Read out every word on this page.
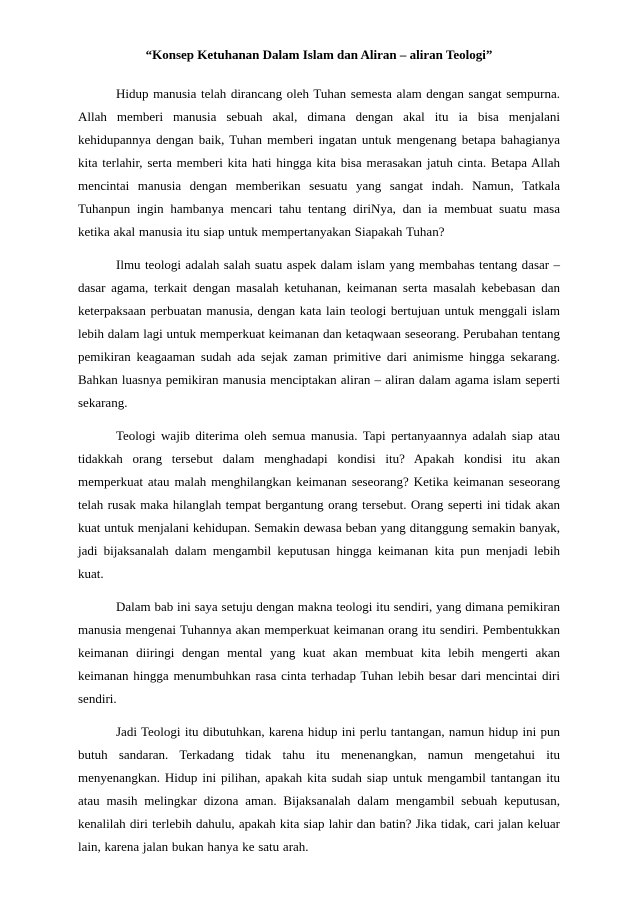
“Konsep Ketuhanan Dalam Islam dan Aliran – aliran Teologi”

Hidup manusia telah dirancang oleh Tuhan semesta alam dengan sangat sempurna. Allah memberi manusia sebuah akal, dimana dengan akal itu ia bisa menjalani kehidupannya dengan baik, Tuhan memberi ingatan untuk mengenang betapa bahagianya kita terlahir, serta memberi kita hati hingga kita bisa merasakan jatuh cinta. Betapa Allah mencintai manusia dengan memberikan sesuatu yang sangat indah. Namun, Tatkala Tuhanpun ingin hambanya mencari tahu tentang diriNya, dan ia membuat suatu masa ketika akal manusia itu siap untuk mempertanyakan Siapakah Tuhan?

Ilmu teologi adalah salah suatu aspek dalam islam yang membahas tentang dasar – dasar agama, terkait dengan masalah ketuhanan, keimanan serta masalah kebebasan dan keterpaksaan perbuatan manusia, dengan kata lain teologi bertujuan untuk menggali islam lebih dalam lagi untuk memperkuat keimanan dan ketaqwaan seseorang. Perubahan tentang pemikiran keagaaman sudah ada sejak zaman primitive dari animisme hingga sekarang. Bahkan luasnya pemikiran manusia menciptakan aliran – aliran dalam agama islam seperti sekarang.

Teologi wajib diterima oleh semua manusia. Tapi pertanyaannya adalah siap atau tidakkah orang tersebut dalam menghadapi kondisi itu? Apakah kondisi itu akan memperkuat atau malah menghilangkan keimanan seseorang? Ketika keimanan seseorang telah rusak maka hilanglah tempat bergantung orang tersebut. Orang seperti ini tidak akan kuat untuk menjalani kehidupan. Semakin dewasa beban yang ditanggung semakin banyak, jadi bijaksanalah dalam mengambil keputusan hingga keimanan kita pun menjadi lebih kuat.

Dalam bab ini saya setuju dengan makna teologi itu sendiri, yang dimana pemikiran manusia mengenai Tuhannya akan memperkuat keimanan orang itu sendiri. Pembentukkan keimanan diiringi dengan mental yang kuat akan membuat kita lebih mengerti akan keimanan hingga menumbuhkan rasa cinta terhadap Tuhan lebih besar dari mencintai diri sendiri.

Jadi Teologi itu dibutuhkan, karena hidup ini perlu tantangan, namun hidup ini pun butuh sandaran. Terkadang tidak tahu itu menenangkan, namun mengetahui itu menyenangkan. Hidup ini pilihan, apakah kita sudah siap untuk mengambil tantangan itu atau masih melingkar dizona aman. Bijaksanalah dalam mengambil sebuah keputusan, kenalilah diri terlebih dahulu, apakah kita siap lahir dan batin? Jika tidak, cari jalan keluar lain, karena jalan bukan hanya ke satu arah.
